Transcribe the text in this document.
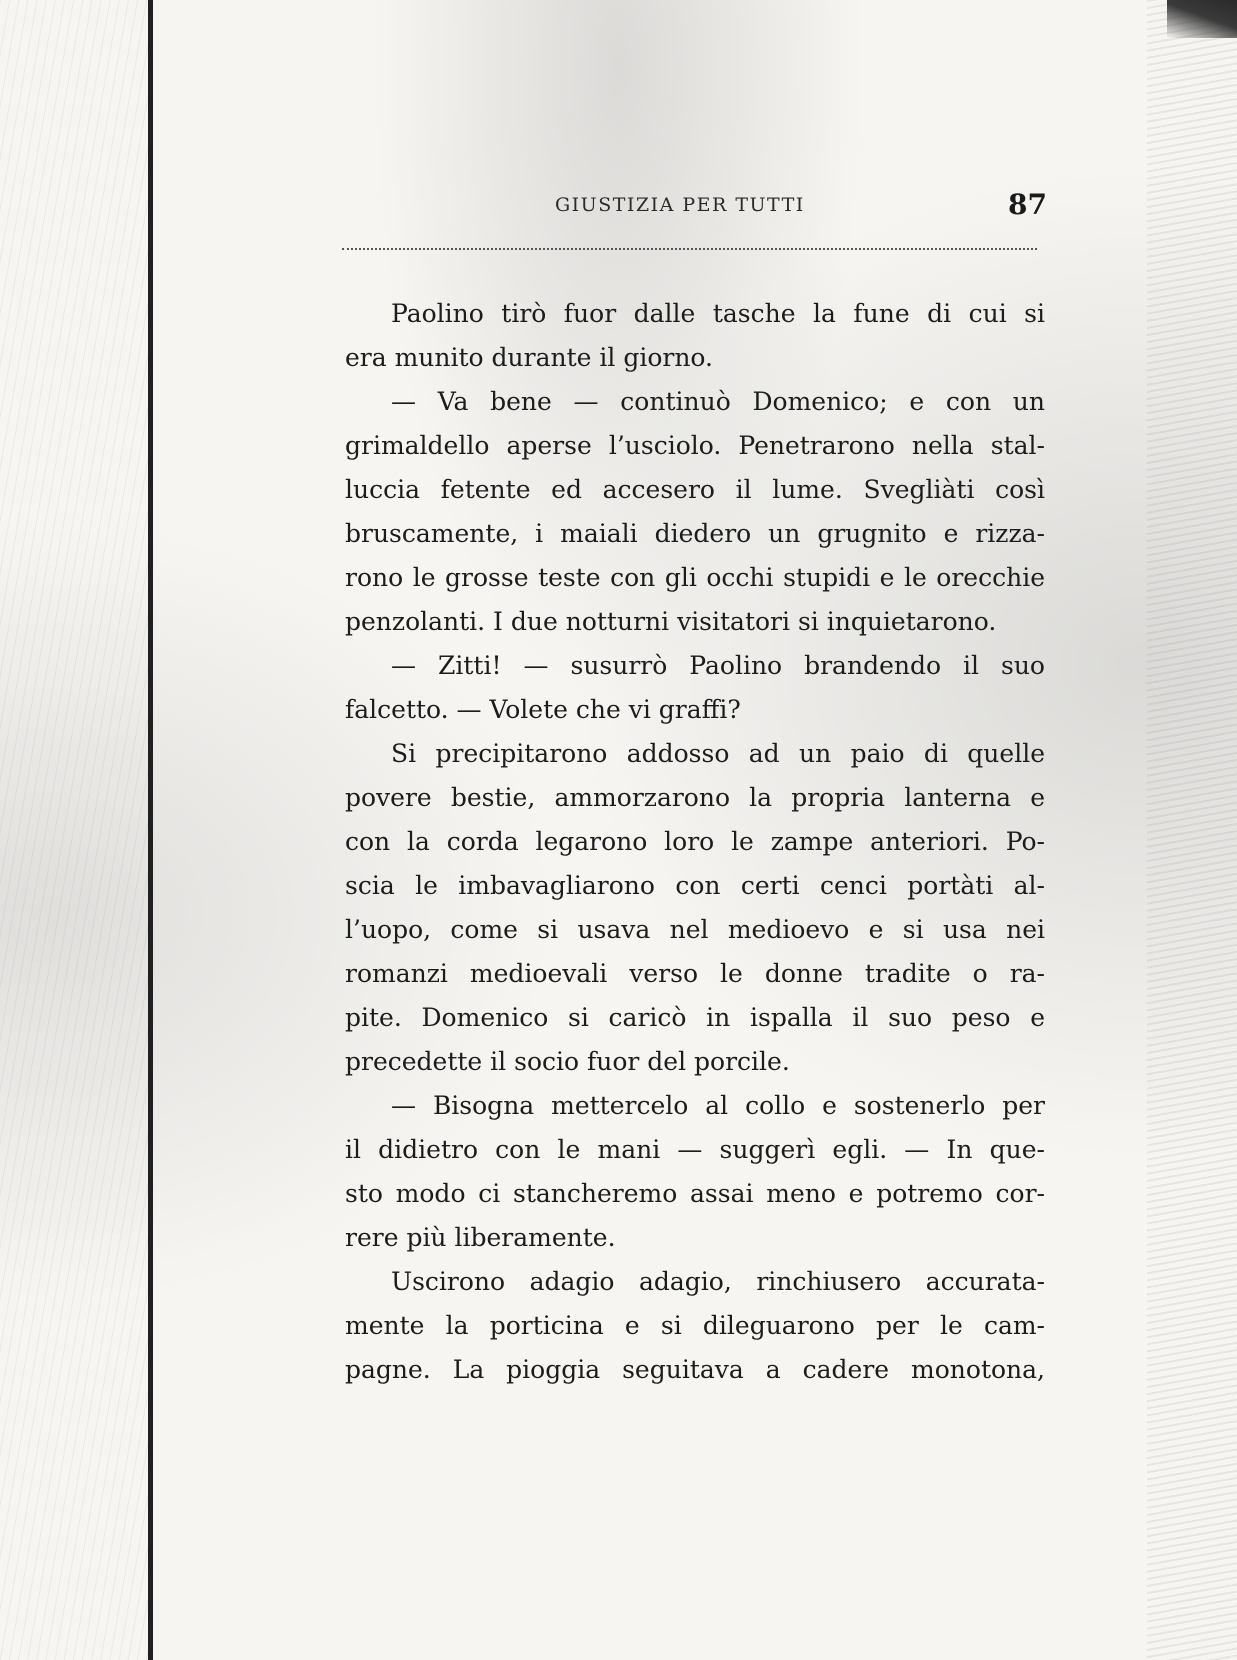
GIUSTIZIA PER TUTTI	87
Paolino tirò fuor dalle tasche la fune di cui si
era munito durante il giorno.
— Va bene — continuò Domenico; e con un
grimaldello aperse l’usciolo. Penetrarono nella stal-
luccia fetente ed accesero il lume. Svegliàti così
bruscamente, i maiali diedero un grugnito e rizza-
rono le grosse teste con gli occhi stupidi e le orecchie
penzolanti. I due notturni visitatori si inquietarono.
— Zitti! — susurrò Paolino brandendo il suo
falcetto. — Volete che vi graffi?
Si precipitarono addosso ad un paio di quelle
povere bestie, ammorzarono la propria lanterna e
con la corda legarono loro le zampe anteriori. Po-
scia le imbavagliarono con certi cenci portàti al-
l’uopo, come si usava nel medioevo e si usa nei
romanzi medioevali verso le donne tradite o ra-
pite. Domenico si caricò in ispalla il suo peso e
precedette il socio fuor del porcile.
— Bisogna mettercelo al collo e sostenerlo per
il didietro con le mani — suggerì egli. — In que-
sto modo ci stancheremo assai meno e potremo cor-
rere più liberamente.
Uscirono adagio adagio, rinchiusero accurata-
mente la porticina e si dileguarono per le cam-
pagne. La pioggia seguitava a cadere monotona,
